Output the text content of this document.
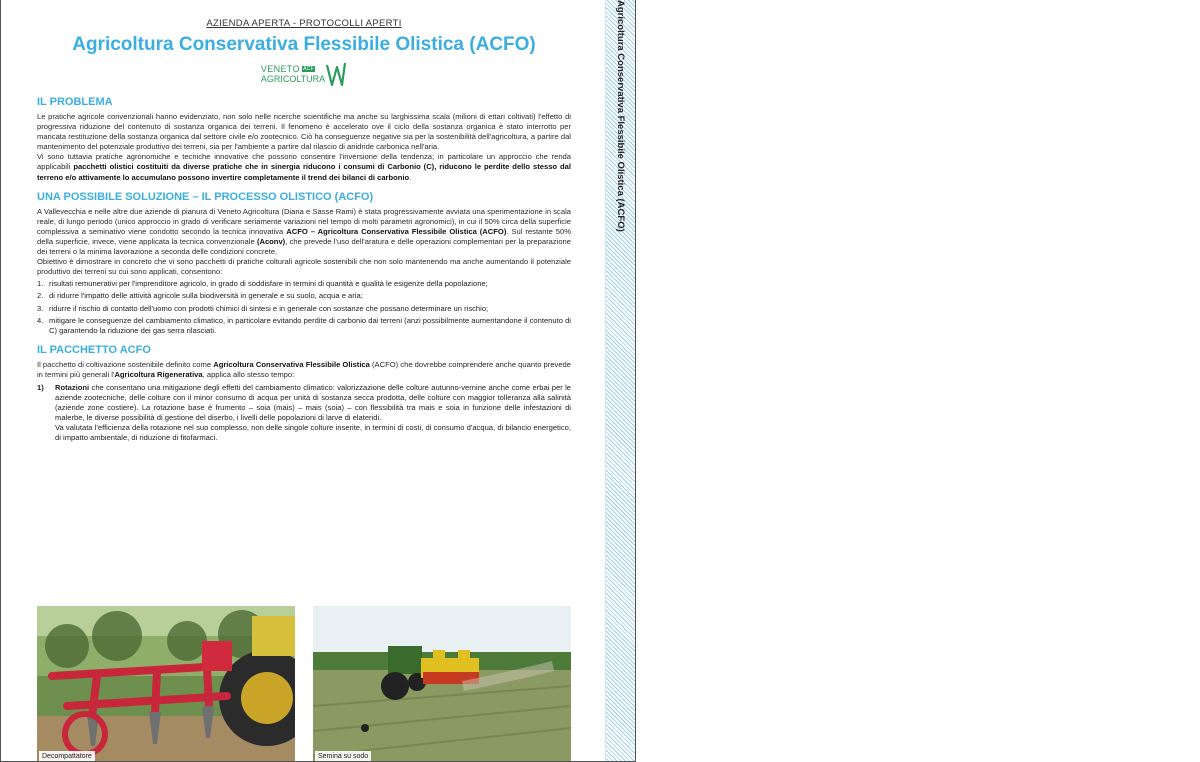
AZIENDA APERTA - PROTOCOLLI APERTI

Agricoltura Conservativa Flessibile Olistica (ACFO)
VENETO ACF
AGRICOLTURA
IL PROBLEMA

Le pratiche agricole convenzionali hanno evidenziato, non solo nelle ricerche scientifiche ma anche su larghissima scala (milioni di ettari coltivati) l'effetto di progressiva riduzione del contenuto di sostanza organica dei terreni. Il fenomeno è accelerato ove il ciclo della sostanza organica è stato interrotto per mancata restituzione della sostanza organica dal settore civile e/o zootecnico. Ciò ha conseguenze negative sia per la sostenibilità dell'agricoltura, a partire dal mantenimento del potenziale produttivo dei terreni, sia per l'ambiente a partire dal rilascio di anidride carbonica nell'aria.

Vi sono tuttavia pratiche agronomiche e tecniche innovative che possono consentire l'inversione della tendenza; in particolare un approccio che renda applicabili pacchetti olistici costituiti da diverse pratiche che in sinergia riducono i consumi di Carbonio (C), riducono le perdite dello stesso dal terreno e/o attivamente lo accumulano possono invertire completamente il trend dei bilanci di carbonio.

UNA POSSIBILE SOLUZIONE – IL PROCESSO OLISTICO (ACFO)

A Vallevecchia e nelle altre due aziende di pianura di Veneto Agricoltura (Diana e Sasse Rami) è stata progressivamente avviata una sperimentazione in scala reale, di lungo periodo (unico approccio in grado di verificare seriamente variazioni nel tempo di molti parametri agronomici), in cui il 50% circa della superficie complessiva a seminativo viene condotto secondo la tecnica innovativa ACFO – Agricoltura Conservativa Flessibile Olistica (ACFO). Sul restante 50% della superficie, invece, viene applicata la tecnica convenzionale (Aconv), che prevede l'uso dell'aratura e delle operazioni complementari per la preparazione dei terreni o la minima lavorazione a seconda delle condizioni concrete.

Obiettivo è dimostrare in concreto che vi sono pacchetti di pratiche colturali agricole sostenibili che non solo mantenendo ma anche aumentando il potenziale produttivo dei terreni su cui sono applicati, consentono:

1. risultati remunerativi per l'imprenditore agricolo, in grado di soddisfare in termini di quantità e qualità le esigenze della popolazione;
2. di ridurre l'impatto delle attività agricole sulla biodiversità in generale e su suolo, acqua e aria;
3. ridurre il rischio di contatto dell'uomo con prodotti chimici di sintesi e in generale con sostanze che possano determinare un rischio;
4. mitigare le conseguenze del cambiamento climatico, in particolare evitando perdite di carbonio dai terreni (anzi possibilmente aumentandone il contenuto di C) garantendo la riduzione dei gas serra rilasciati.
IL PACCHETTO ACFO

Il pacchetto di coltivazione sostenibile definito come Agricoltura Conservativa Flessibile Olistica (ACFO) che dovrebbe comprendere anche quanto prevede in termini più generali l'Agricoltura Rigenerativa, applica allo stesso tempo:

1)	Rotazioni che consentano una mitigazione degli effetti del cambiamento climatico: valorizzazione delle colture autunno-vernine anche come erbai per le aziende zootecniche, delle colture con il minor consumo di acqua per unità di sostanza secca prodotta, delle colture con maggior tolleranza alla salinità (aziende zone costiere). La rotazione base è frumento – soia (mais) – mais (soia) – con flessibilità tra mais e soia in funzione delle infestazioni di malerbe, le diverse possibilità di gestione del diserbo, i livelli delle popolazioni di larve di elateridi.
Va valutata l'efficienza della rotazione nel suo complesso, non delle singole colture inserite, in termini di costi, di consumo d'acqua, di bilancio energetico, di impatto ambientale, di riduzione di fitofarmaci.
Decompattatore	Semina su sodo
Agricoltura Conservativa Flessibile Olistica (ACFO)
